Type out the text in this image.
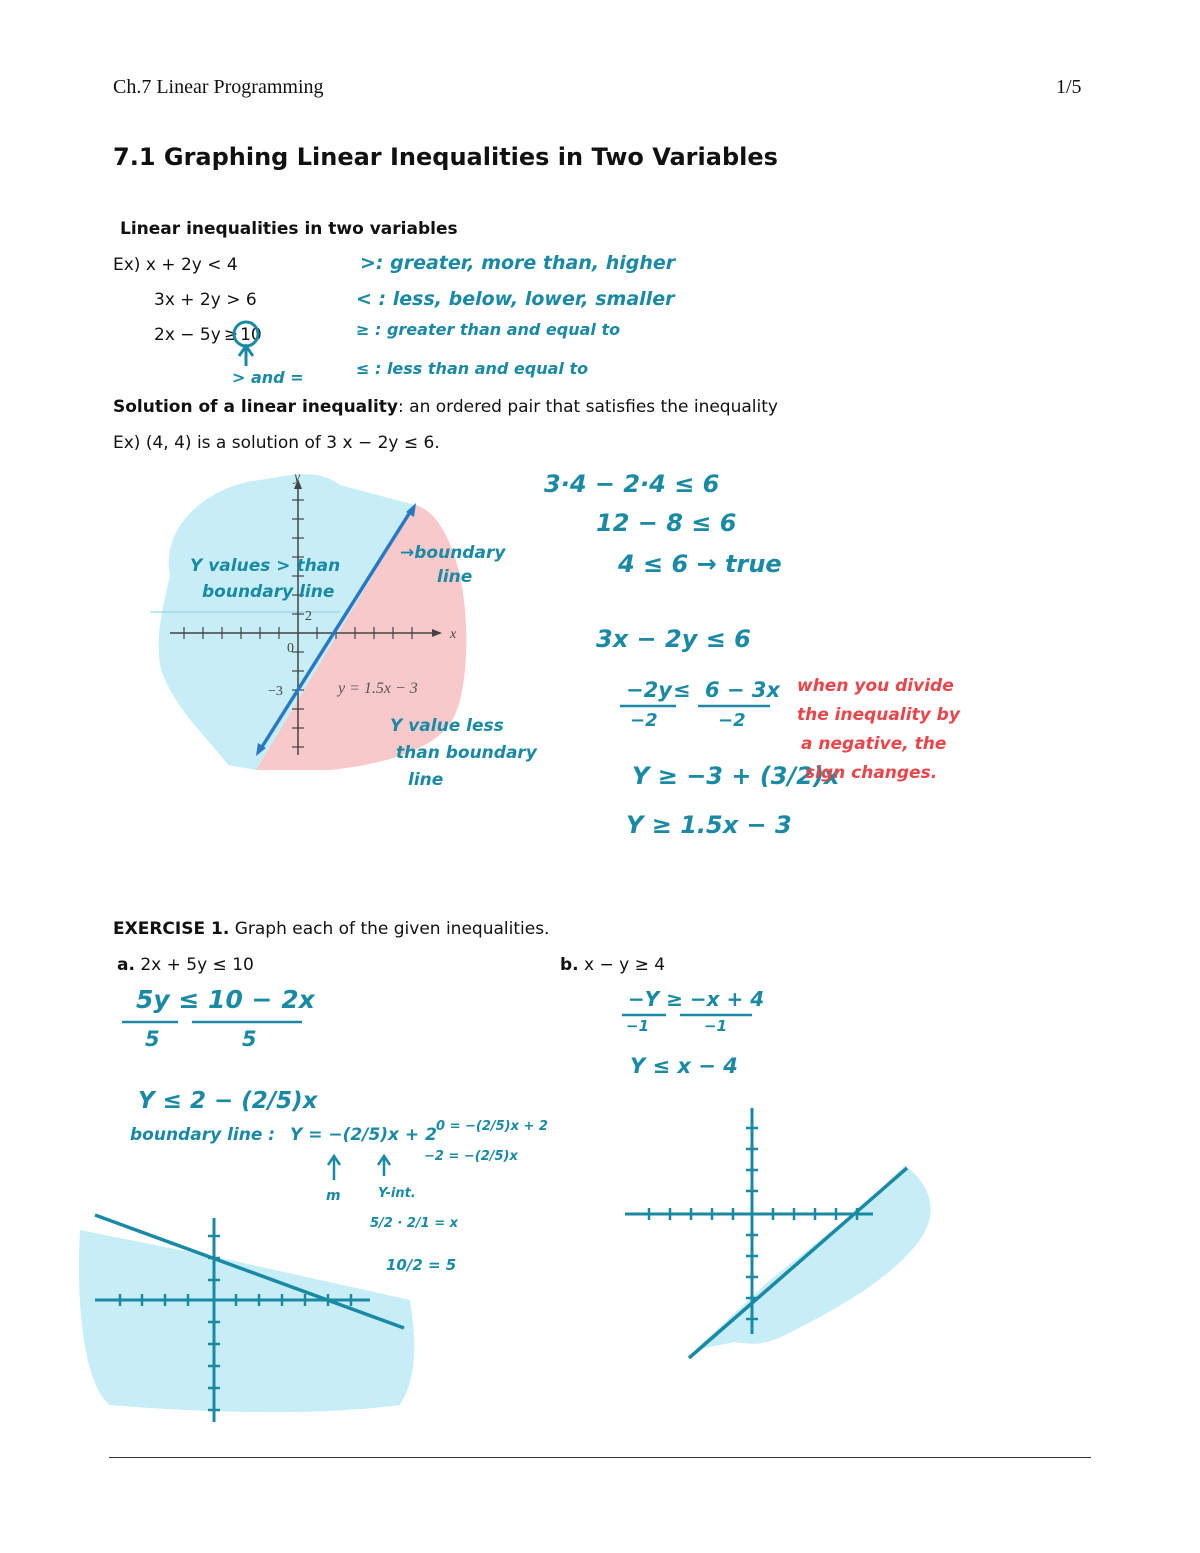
Ch.7 Linear Programming	1/5
7.1 Graphing Linear Inequalities in Two Variables
Linear inequalities in two variables
Ex) x + 2y < 4
3x + 2y > 6
2x − 5y ≥ 10
> and =
>: greater, more than, higher
< : less, below, lower, smaller
≥ : greater than and equal to
≤ : less than and equal to
Solution of a linear inequality: an ordered pair that satisfies the inequality
Ex) (4, 4) is a solution of 3 x − 2y ≤ 6.
y
x
2
0
−3	y = 1.5x − 3
Y values > than
boundary line
→boundary
line
Y value less
than boundary
line
3·4 − 2·4 ≤ 6
12 − 8 ≤ 6
4 ≤ 6 → true
3x − 2y ≤ 6
−2y ≤ 6 − 3x
−2	−2
Y ≥ −3 + (3/2)x
Y ≥ 1.5x − 3
when you divide
the inequality by
a negative, the
sign changes.
EXERCISE 1. Graph each of the given inequalities.
a. 2x + 5y ≤ 10	b. x − y ≥ 4
5y ≤ 10 − 2x
5	5
Y ≤ 2 − (2/5)x
boundary line : Y = −(2/5)x + 2
m
0 = −(2/5)x + 2
−2 = −(2/5)x
Y-int.
5/2 · 2/1 = x
10/2 = 5
−Y ≥ −x + 4
−1	−1
Y ≤ x − 4
